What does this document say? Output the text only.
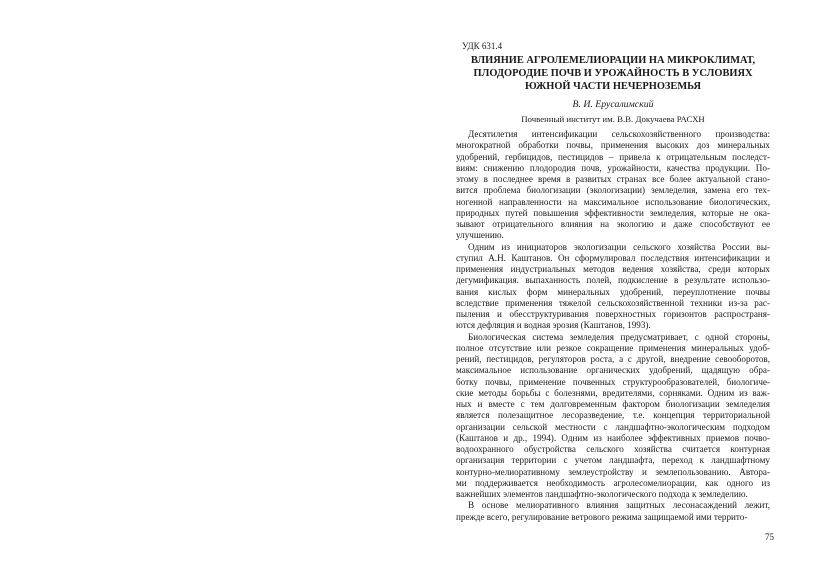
УДК 631.4
ВЛИЯНИЕ АГРОЛЕМЕЛИОРАЦИИ НА МИКРОКЛИМАТ,
ПЛОДОРОДИЕ ПОЧВ И УРОЖАЙНОСТЬ В УСЛОВИЯХ
ЮЖНОЙ ЧАСТИ НЕЧЕРНОЗЕМЬЯ
В. И. Ерусалимский
Почвенный институт им. В.В. Докучаева РАСХН
Десятилетия интенсификации сельскохозяйственного производства:
многократной обработки почвы, применения высоких доз минеральных
удобрений, гербицидов, пестицидов – привела к отрицательным последст-
виям: снижению плодородия почв, урожайности, качества продукции. По-
этому в последнее время в развитых странах все более актуальной стано-
вится проблема биологизации (экологизации) земледелия, замена его тех-
ногенной направленности на максимальное использование биологических,
природных путей повышения эффективности земледелия, которые не ока-
зывают отрицательного влияния на экологию и даже способствуют ее
улучшению.
Одним из инициаторов экологизации сельского хозяйства России вы-
ступил А.Н. Каштанов. Он сформулировал последствия интенсификации и
применения индустриальных методов ведения хозяйства, среди которых
дегумификация. выпаханность полей, подкисление в результате использо-
вания кислых форм минеральных удобрений, переуплотнение почвы
вследствие применения тяжелой сельскохозяйственной техники из-за рас-
пыления и обесструктуривания поверхностных горизонтов распространя-
ются дефляция и водная эрозия (Каштанов, 1993).
Биологическая система земледелия предусматривает, с одной стороны,
полное отсутствие или резкое сокращение применения минеральных удоб-
рений, пестицидов, регуляторов роста, а с другой, внедрение севооборотов,
максимальное использование органических удобрений, щадящую обра-
ботку почвы, применение почвенных структурообразователей, биологиче-
ские методы борьбы с болезнями, вредителями, сорняками. Одним из важ-
ных и вместе с тем долговременным фактором биологизации земледелия
является полезащитное лесоразведение, т.е. концепция территориальной
организации сельской местности с ландшафтно-экологическим подходом
(Каштанов и др., 1994). Одним из наиболее эффективных приемов почво-
водоохранного обустройства сельского хозяйства считается контурная
организация территории с учетом ландшафта, переход к ландшафтному
контурно-мелиоративному землеустройству и землепользованию. Автора-
ми поддерживается необходимость агролесомелиорации, как одного из
важнейших элементов ландшафтно-экологического подхода к земледелию.
В основе мелиоративного влияния защитных лесонасаждений лежит,
прежде всего, регулирование ветрового режима защищаемой ими террито-
75
